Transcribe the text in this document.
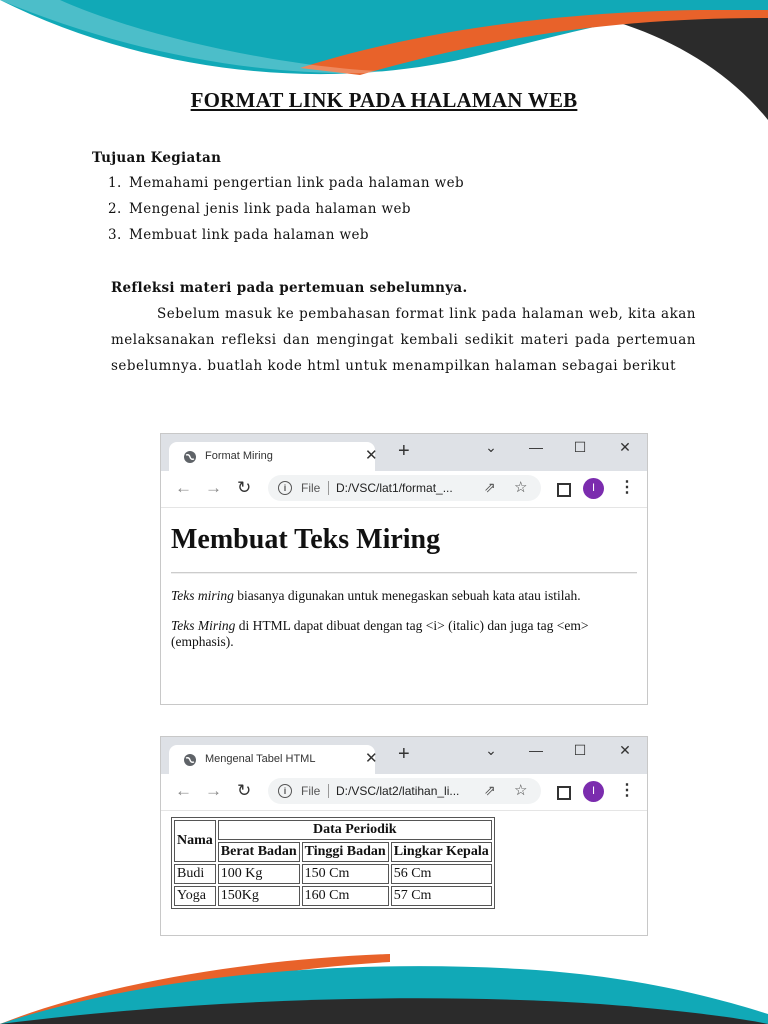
FORMAT LINK PADA HALAMAN WEB
Tujuan Kegiatan
1. Memahami pengertian link pada halaman web
2. Mengenal jenis link pada halaman web
3. Membuat link pada halaman web
Refleksi materi pada pertemuan sebelumnya.

Sebelum masuk ke pembahasan format link pada halaman web, kita akan melaksanakan refleksi dan mengingat kembali sedikit materi pada pertemuan sebelumnya. buatlah kode html untuk menampilkan halaman sebagai berikut

Format Miring	✕ +	⌄ — ☐ ✕
← → ↻	i	File D:/VSC/lat1/format_... ⇗ ☆	I	⋮
Membuat Teks Miring

Teks miring biasanya digunakan untuk menegaskan sebuah kata atau istilah.

Teks Miring di HTML dapat dibuat dengan tag <i> (italic) dan juga tag <em> (emphasis).

Mengenal Tabel HTML	✕ +	⌄ — ☐ ✕
← → ↻	i	File D:/VSC/lat2/latihan_li... ⇗ ☆	I	⋮
Nama	Data Periodik		
	Berat Badan	Tinggi Badan	Lingkar Kepala
Budi	100 Kg	150 Cm	56 Cm
Yoga	150Kg	160 Cm	57 Cm
